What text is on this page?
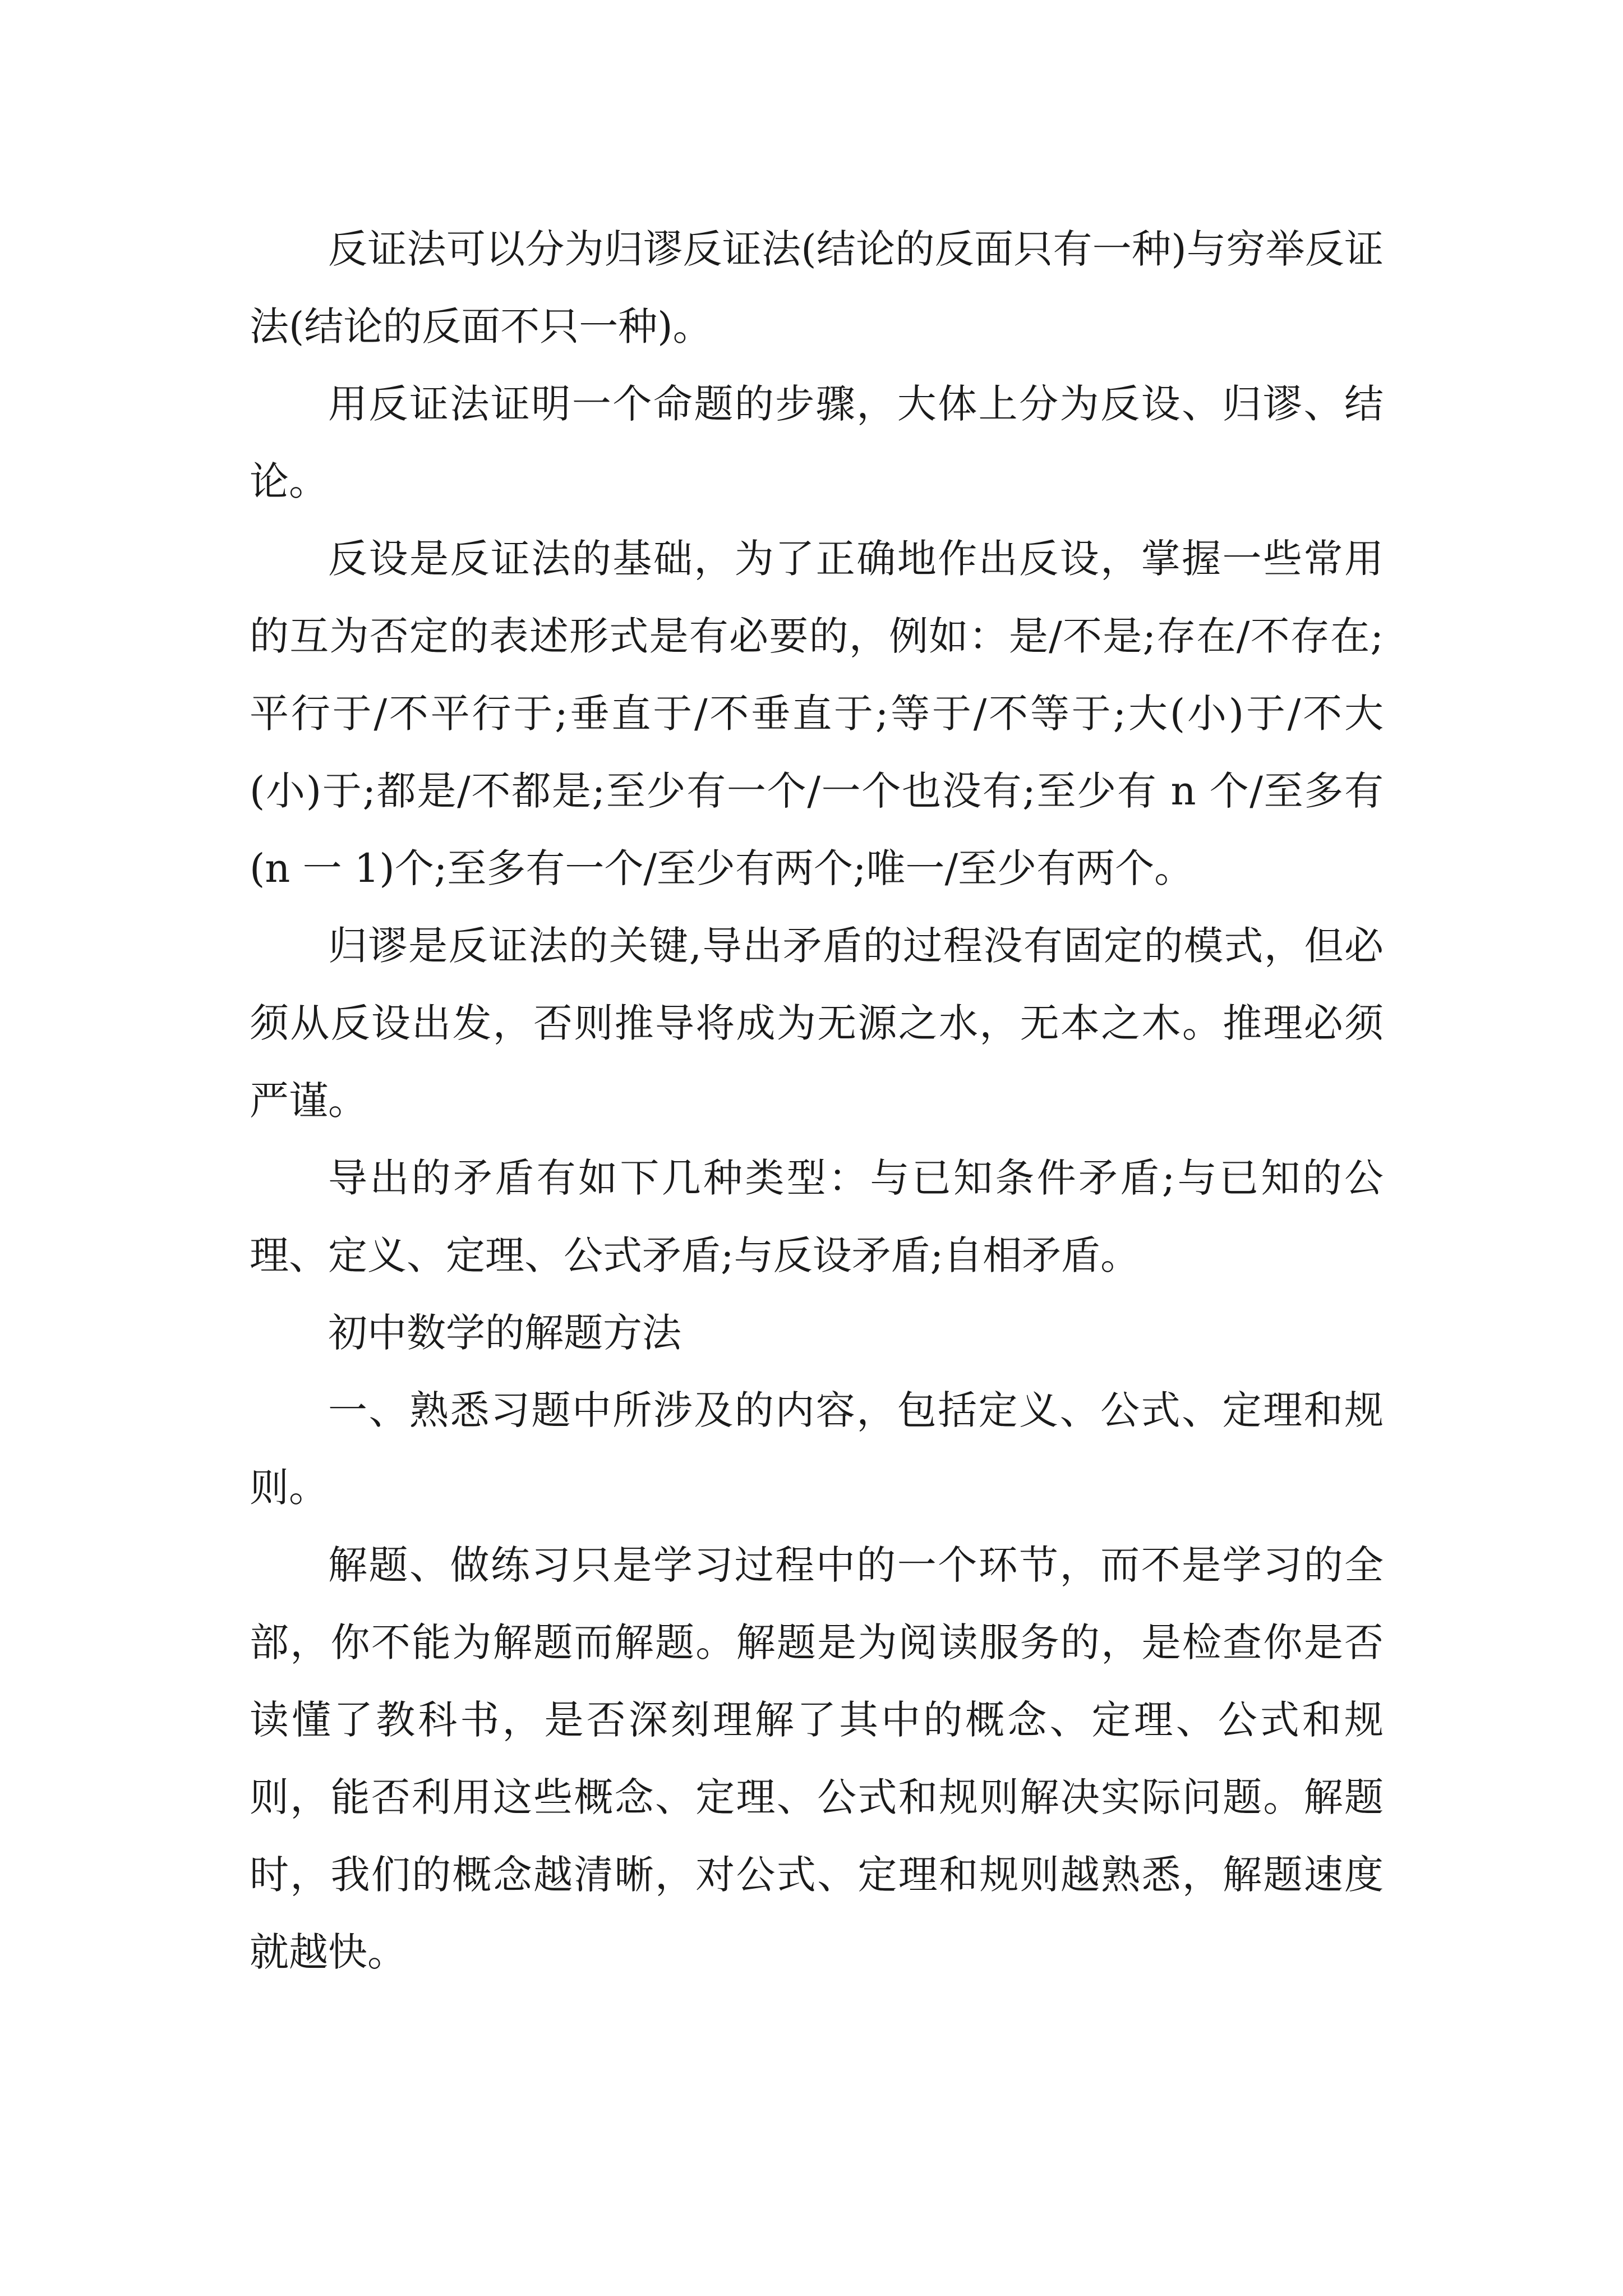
反证法可以分为归谬反证法(结论的反面只有一种)与穷举反证法(结论的反面不只一种)。

用反证法证明一个命题的步骤，大体上分为反设、归谬、结论。

反设是反证法的基础，为了正确地作出反设，掌握一些常用的互为否定的表述形式是有必要的，例如：是/不是;存在/不存在;平行于/不平行于;垂直于/不垂直于;等于/不等于;大(小)于/不大(小)于;都是/不都是;至少有一个/一个也没有;至少有 n 个/至多有(n 一 1)个;至多有一个/至少有两个;唯一/至少有两个。

归谬是反证法的关键,导出矛盾的过程没有固定的模式，但必须从反设出发，否则推导将成为无源之水，无本之木。推理必须严谨。

导出的矛盾有如下几种类型：与已知条件矛盾;与已知的公理、定义、定理、公式矛盾;与反设矛盾;自相矛盾。

初中数学的解题方法

一、熟悉习题中所涉及的内容，包括定义、公式、定理和规则。

解题、做练习只是学习过程中的一个环节，而不是学习的全部，你不能为解题而解题。解题是为阅读服务的，是检查你是否读懂了教科书，是否深刻理解了其中的概念、定理、公式和规则，能否利用这些概念、定理、公式和规则解决实际问题。解题时，我们的概念越清晰，对公式、定理和规则越熟悉，解题速度就越快。
